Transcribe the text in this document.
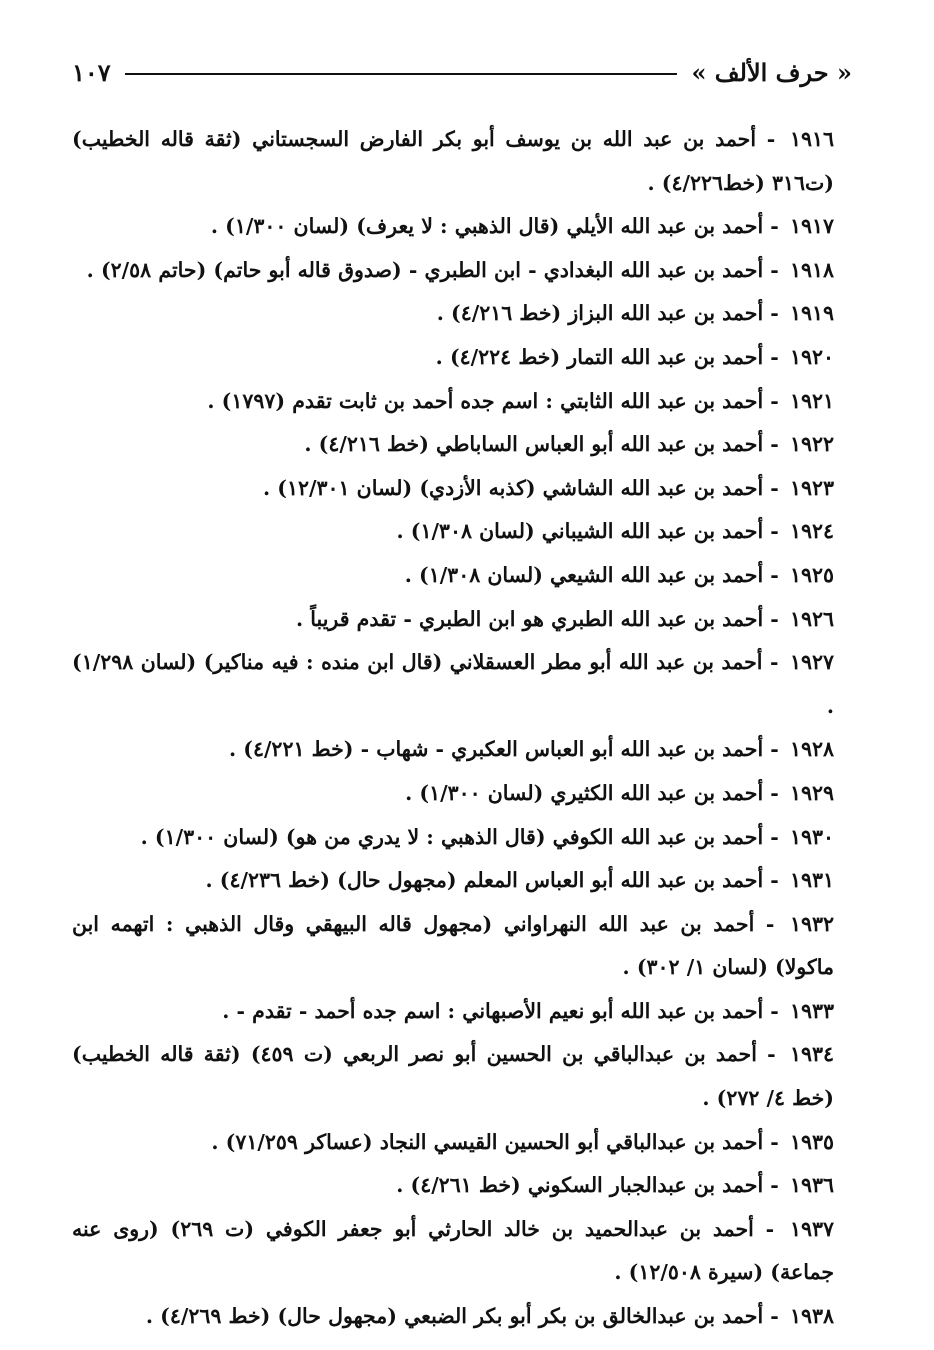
« حرف الألف »
١٠٧
١٩١٦ - أحمد بن عبد الله بن يوسف أبو بكر الفارض السجستاني (ثقة قاله الخطيب) (ت٣١٦ (خط٤/٢٢٦) .
١٩١٧ - أحمد بن عبد الله الأيلي (قال الذهبي : لا يعرف) (لسان ١/٣٠٠) .
١٩١٨ - أحمد بن عبد الله البغدادي - ابن الطبري - (صدوق قاله أبو حاتم) (حاتم ٢/٥٨) .
١٩١٩ - أحمد بن عبد الله البزاز (خط ٤/٢١٦) .
١٩٢٠ - أحمد بن عبد الله التمار (خط ٤/٢٢٤) .
١٩٢١ - أحمد بن عبد الله الثابتي : اسم جده أحمد بن ثابت تقدم (١٧٩٧) .
١٩٢٢ - أحمد بن عبد الله أبو العباس الساباطي (خط ٤/٢١٦) .
١٩٢٣ - أحمد بن عبد الله الشاشي (كذبه الأزدي) (لسان ١٢/٣٠١) .
١٩٢٤ - أحمد بن عبد الله الشيباني (لسان ١/٣٠٨) .
١٩٢٥ - أحمد بن عبد الله الشيعي (لسان ١/٣٠٨) .
١٩٢٦ - أحمد بن عبد الله الطبري هو ابن الطبري - تقدم قريباً .
١٩٢٧ - أحمد بن عبد الله أبو مطر العسقلاني (قال ابن منده : فيه مناكير) (لسان ١/٢٩٨) .
١٩٢٨ - أحمد بن عبد الله أبو العباس العكبري - شهاب - (خط ٤/٢٢١) .
١٩٢٩ - أحمد بن عبد الله الكثيري (لسان ١/٣٠٠) .
١٩٣٠ - أحمد بن عبد الله الكوفي (قال الذهبي : لا يدري من هو) (لسان ١/٣٠٠) .
١٩٣١ - أحمد بن عبد الله أبو العباس المعلم (مجهول حال) (خط ٤/٢٣٦) .
١٩٣٢ - أحمد بن عبد الله النهراواني (مجهول قاله البيهقي وقال الذهبي : اتهمه ابن ماكولا) (لسان ١/ ٣٠٢) .
١٩٣٣ - أحمد بن عبد الله أبو نعيم الأصبهاني : اسم جده أحمد - تقدم - .
١٩٣٤ - أحمد بن عبدالباقي بن الحسين أبو نصر الربعي (ت ٤٥٩) (ثقة قاله الخطيب) (خط ٤/ ٢٧٢) .
١٩٣٥ - أحمد بن عبدالباقي أبو الحسين القيسي النجاد (عساكر ٧١/٢٥٩) .
١٩٣٦ - أحمد بن عبدالجبار السكوني (خط ٤/٢٦١) .
١٩٣٧ - أحمد بن عبدالحميد بن خالد الحارثي أبو جعفر الكوفي (ت ٢٦٩) (روى عنه جماعة) (سيرة ١٢/٥٠٨) .
١٩٣٨ - أحمد بن عبدالخالق بن بكر أبو بكر الضبعي (مجهول حال) (خط ٤/٢٦٩) .
